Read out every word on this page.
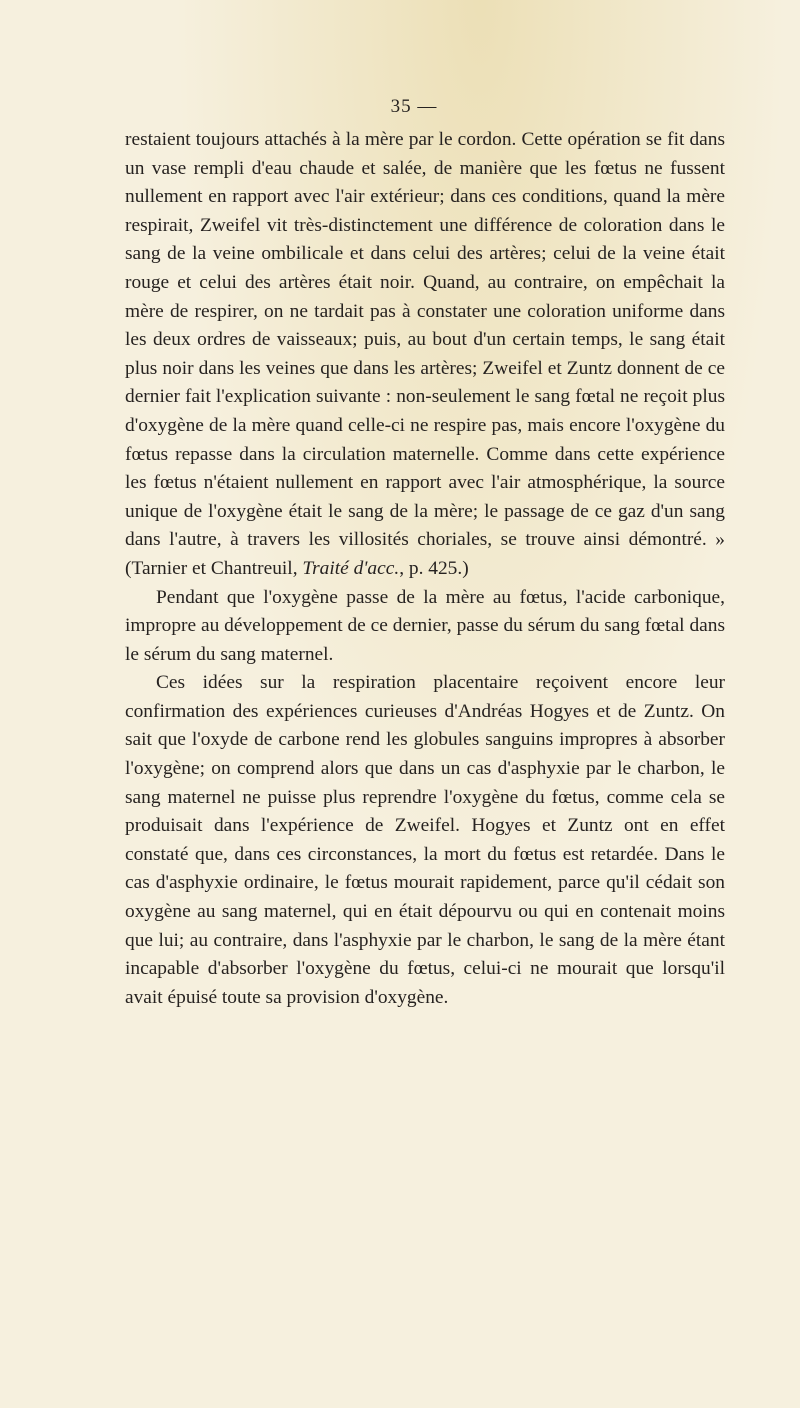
35 —

restaient toujours attachés à la mère par le cordon. Cette opération se fit dans un vase rempli d'eau chaude et salée, de manière que les fœtus ne fussent nullement en rapport avec l'air extérieur; dans ces conditions, quand la mère respirait, Zweifel vit très-distinctement une différence de coloration dans le sang de la veine ombilicale et dans celui des artères; celui de la veine était rouge et celui des artères était noir. Quand, au contraire, on empêchait la mère de respirer, on ne tardait pas à constater une coloration uniforme dans les deux ordres de vaisseaux; puis, au bout d'un certain temps, le sang était plus noir dans les veines que dans les artères; Zweifel et Zuntz donnent de ce dernier fait l'explication suivante : non-seulement le sang fœtal ne reçoit plus d'oxygène de la mère quand celle-ci ne respire pas, mais encore l'oxygène du fœtus repasse dans la circulation maternelle. Comme dans cette expérience les fœtus n'étaient nullement en rapport avec l'air atmosphérique, la source unique de l'oxygène était le sang de la mère; le passage de ce gaz d'un sang dans l'autre, à travers les villosités choriales, se trouve ainsi démontré. » (Tarnier et Chantreuil, Traité d'acc., p. 425.)

Pendant que l'oxygène passe de la mère au fœtus, l'acide carbonique, impropre au développement de ce dernier, passe du sérum du sang fœtal dans le sérum du sang maternel.

Ces idées sur la respiration placentaire reçoivent encore leur confirmation des expériences curieuses d'Andréas Hogyes et de Zuntz. On sait que l'oxyde de carbone rend les globules sanguins impropres à absorber l'oxygène; on comprend alors que dans un cas d'asphyxie par le charbon, le sang maternel ne puisse plus reprendre l'oxygène du fœtus, comme cela se produisait dans l'expérience de Zweifel. Hogyes et Zuntz ont en effet constaté que, dans ces circonstances, la mort du fœtus est retardée. Dans le cas d'asphyxie ordinaire, le fœtus mourait rapidement, parce qu'il cédait son oxygène au sang maternel, qui en était dépourvu ou qui en contenait moins que lui; au contraire, dans l'asphyxie par le charbon, le sang de la mère étant incapable d'absorber l'oxygène du fœtus, celui-ci ne mourait que lorsqu'il avait épuisé toute sa provision d'oxygène.
